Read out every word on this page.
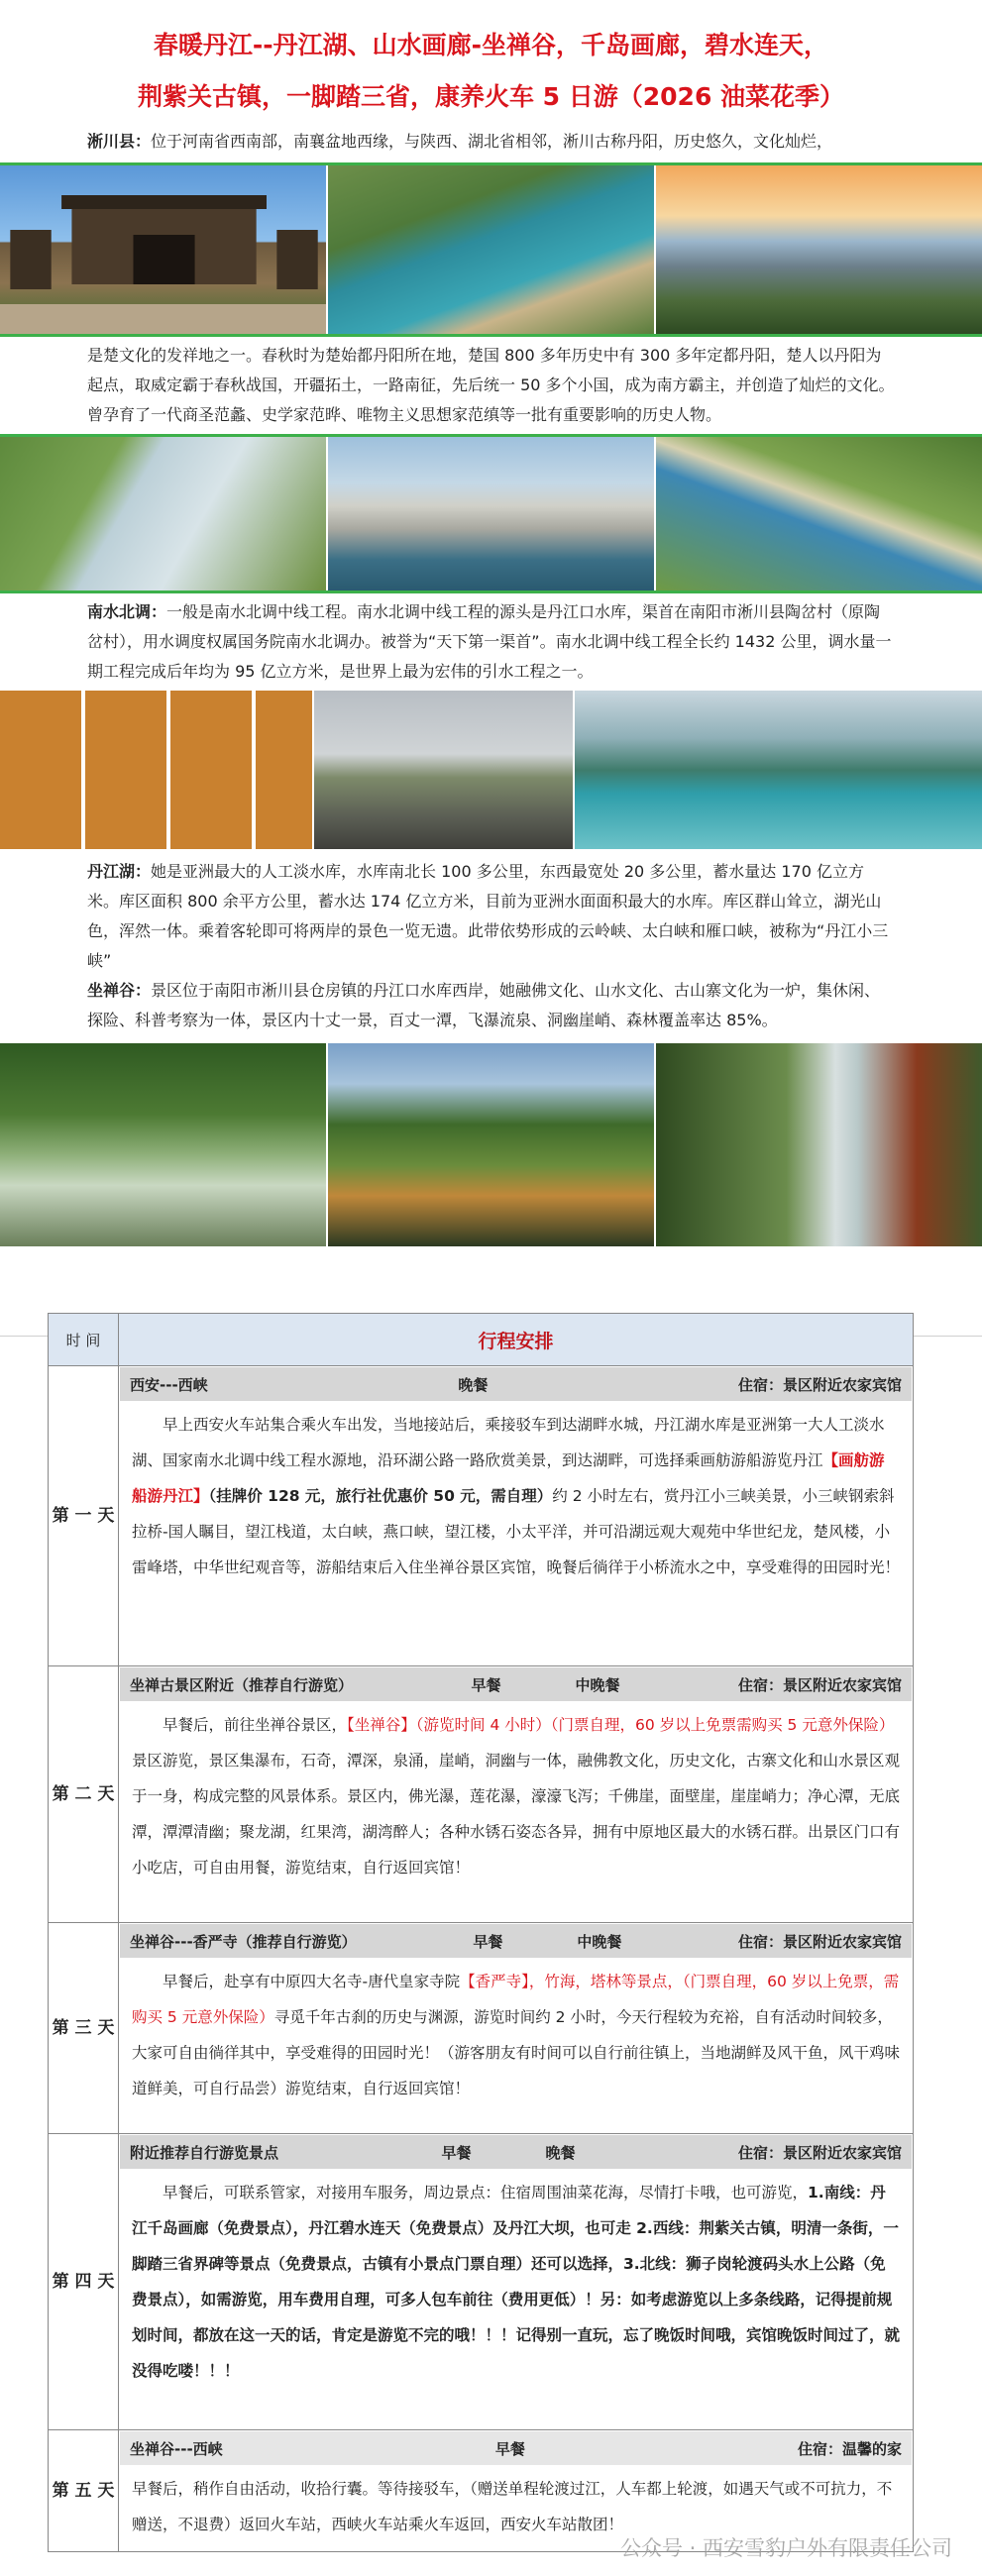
春暖丹江--丹江湖、山水画廊-坐禅谷，千岛画廊，碧水连天，
荆紫关古镇，一脚踏三省，康养火车 5 日游（2026 油菜花季）
淅川县：位于河南省西南部，南襄盆地西缘，与陕西、湖北省相邻，淅川古称丹阳，历史悠久，文化灿烂，
是楚文化的发祥地之一。春秋时为楚始都丹阳所在地，楚国 800 多年历史中有 300 多年定都丹阳，楚人以丹阳为起点，取威定霸于春秋战国，开疆拓土，一路南征，先后统一 50 多个小国，成为南方霸主，并创造了灿烂的文化。曾孕育了一代商圣范蠡、史学家范晔、唯物主义思想家范缜等一批有重要影响的历史人物。
南水北调：一般是南水北调中线工程。南水北调中线工程的源头是丹江口水库，渠首在南阳市淅川县陶岔村（原陶岔村），用水调度权属国务院南水北调办。被誉为“天下第一渠首”。南水北调中线工程全长约 1432 公里，调水量一期工程完成后年均为 95 亿立方米，是世界上最为宏伟的引水工程之一。
丹江湖：她是亚洲最大的人工淡水库，水库南北长 100 多公里，东西最宽处 20 多公里，蓄水量达 170 亿立方米。库区面积 800 余平方公里，蓄水达 174 亿立方米，目前为亚洲水面面积最大的水库。库区群山耸立，湖光山色，浑然一体。乘着客轮即可将两岸的景色一览无遗。此带依势形成的云岭峡、太白峡和雁口峡，被称为“丹江小三峡”
坐禅谷：景区位于南阳市淅川县仓房镇的丹江口水库西岸，她融佛文化、山水文化、古山寨文化为一炉，集休闲、探险、科普考察为一体，景区内十丈一景，百丈一潭，飞瀑流泉、洞幽崖峭、森林覆盖率达 85%。
时 间	行程安排
第 一 天	西安---西峡 晚餐 住宿：景区附近农家宾馆
早上西安火车站集合乘火车出发，当地接站后，乘接驳车到达湖畔水城，丹江湖水库是亚洲第一大人工淡水湖、国家南水北调中线工程水源地，沿环湖公路一路欣赏美景，到达湖畔，可选择乘画舫游船游览丹江【画舫游船游丹江】（挂牌价 128 元，旅行社优惠价 50 元，需自理）约 2 小时左右，赏丹江小三峡美景，小三峡钢索斜拉桥-国人瞩目，望江栈道，太白峡，燕口峡，望江楼，小太平洋，并可沿湖远观大观苑中华世纪龙，楚风楼，小雷峰塔，中华世纪观音等，游船结束后入住坐禅谷景区宾馆，晚餐后徜徉于小桥流水之中，享受难得的田园时光！

第 二 天	坐禅古景区附近（推荐自行游览） 早餐　　　　　中晚餐 住宿：景区附近农家宾馆
早餐后，前往坐禅谷景区，【坐禅谷】（游览时间 4 小时）（门票自理，60 岁以上免票需购买 5 元意外保险）景区游览，景区集瀑布，石奇，潭深，泉涌，崖峭，洞幽与一体，融佛教文化，历史文化，古寨文化和山水景区观于一身，构成完整的风景体系。景区内，佛光瀑，莲花瀑，濠濠飞泻；千佛崖，面壁崖，崖崖峭力；净心潭，无底潭，潭潭清幽；聚龙湖，红果湾，湖湾醉人；各种水锈石姿态各异，拥有中原地区最大的水锈石群。出景区门口有小吃店，可自由用餐，游览结束，自行返回宾馆！

第 三 天	坐禅谷---香严寺（推荐自行游览） 早餐　　　　　中晚餐 住宿：景区附近农家宾馆
早餐后，赴享有中原四大名寺-唐代皇家寺院【香严寺】，竹海，塔林等景点，（门票自理，60 岁以上免票，需购买 5 元意外保险）寻觅千年古刹的历史与渊源，游览时间约 2 小时，今天行程较为充裕，自有活动时间较多，大家可自由徜徉其中，享受难得的田园时光！（游客朋友有时间可以自行前往镇上，当地湖鲜及风干鱼，风干鸡味道鲜美，可自行品尝）游览结束，自行返回宾馆！

第 四 天	附近推荐自行游览景点 早餐　　　　　晚餐 住宿：景区附近农家宾馆
早餐后，可联系管家，对接用车服务，周边景点：住宿周围油菜花海，尽情打卡哦，也可游览，1.南线：丹江千岛画廊（免费景点），丹江碧水连天（免费景点）及丹江大坝，也可走 2.西线：荆紫关古镇，明清一条街，一脚踏三省界碑等景点（免费景点，古镇有小景点门票自理）还可以选择，3.北线：狮子岗轮渡码头水上公路（免费景点），如需游览，用车费用自理，可多人包车前往（费用更低）！另：如考虑游览以上多条线路，记得提前规划时间，都放在这一天的话，肯定是游览不完的哦！！！记得别一直玩，忘了晚饭时间哦，宾馆晚饭时间过了，就没得吃喽！！！

第 五 天	坐禅谷---西峡 早餐 住宿：温馨的家
早餐后，稍作自由活动，收拾行囊。等待接驳车，（赠送单程轮渡过江，人车都上轮渡，如遇天气或不可抗力，不赠送，不退费）返回火车站，西峡火车站乘火车返回，西安火车站散团！
公众号 · 西安雪豹户外有限责任公司
